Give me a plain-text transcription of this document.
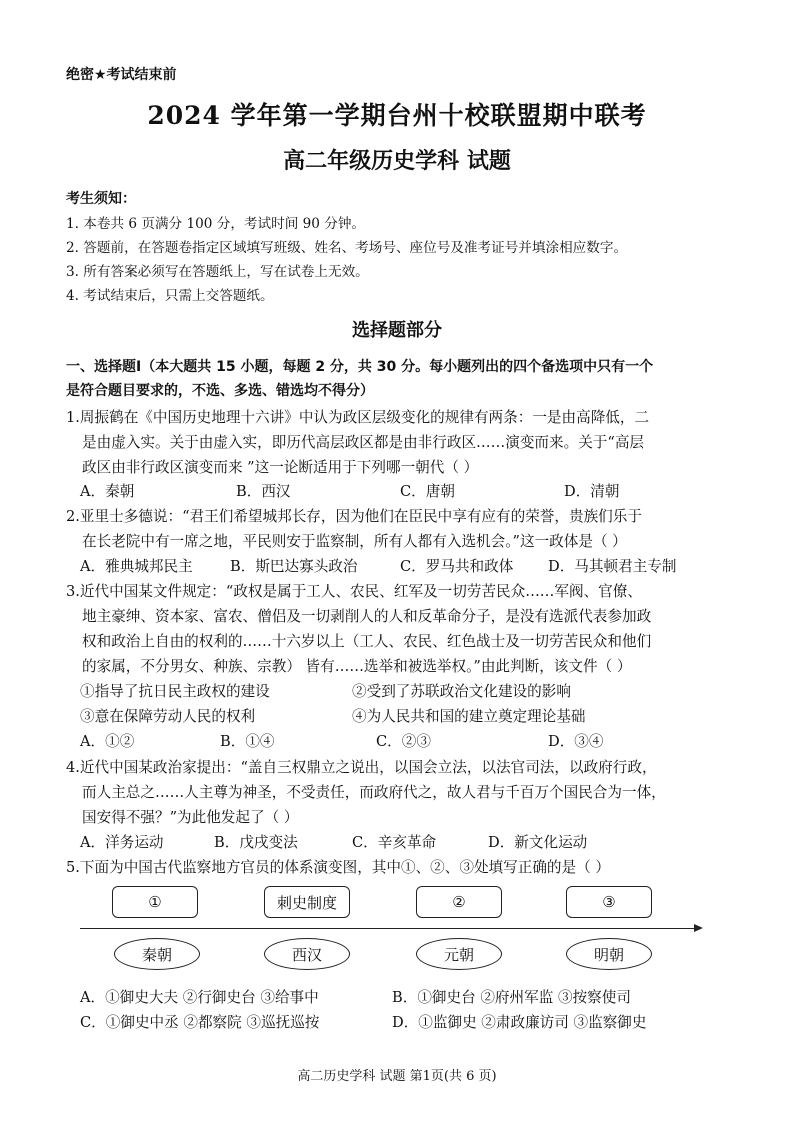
绝密★考试结束前
2024 学年第一学期台州十校联盟期中联考
高二年级历史学科 试题
考生须知：
1. 本卷共 6 页满分 100 分，考试时间 90 分钟。
2. 答题前，在答题卷指定区域填写班级、姓名、考场号、座位号及准考证号并填涂相应数字。
3. 所有答案必须写在答题纸上，写在试卷上无效。
4. 考试结束后，只需上交答题纸。
选择题部分
一、选择题Ⅰ（本大题共 15 小题，每题 2 分，共 30 分。每小题列出的四个备选项中只有一个
是符合题目要求的，不选、多选、错选均不得分）
1.周振鹤在《中国历史地理十六讲》中认为政区层级变化的规律有两条：一是由高降低，二
是由虚入实。关于由虚入实，即历代高层政区都是由非行政区……演变而来。关于“高层
政区由非行政区演变而来 ”这一论断适用于下列哪一朝代（ ）
A．秦朝	B．西汉	C．唐朝	D．清朝
2.亚里士多德说：“君王们希望城邦长存，因为他们在臣民中享有应有的荣誉，贵族们乐于
在长老院中有一席之地，平民则安于监察制，所有人都有入选机会。”这一政体是（ ）
A．雅典城邦民主	B．斯巴达寡头政治	C．罗马共和政体 D．马其顿君主专制
3.近代中国某文件规定：“政权是属于工人、农民、红军及一切劳苦民众……军阀、官僚、
地主豪绅、资本家、富农、僧侣及一切剥削人的人和反革命分子，是没有选派代表参加政
权和政治上自由的权利的……十六岁以上（工人、农民、红色战士及一切劳苦民众和他们
的家属，不分男女、种族、宗教） 皆有……选举和被选举权。”由此判断，该文件（ ）
①指导了抗日民主政权的建设	②受到了苏联政治文化建设的影响
③意在保障劳动人民的权利	④为人民共和国的建立奠定理论基础
A．①②	B．①④	C．②③	D．③④
4.近代中国某政治家提出：“盖自三权鼎立之说出，以国会立法，以法官司法，以政府行政，
而人主总之……人主尊为神圣，不受责任，而政府代之，故人君与千百万个国民合为一体，
国安得不强？”为此他发起了（ ）
A．洋务运动	B．戊戌变法	C．辛亥革命	D．新文化运动
5.下面为中国古代监察地方官员的体系演变图，其中①、②、③处填写正确的是（ ）
①	刺史制度	②	③
秦朝	西汉	元朝	明朝
A．①御史大夫 ②行御史台 ③给事中	B．①御史台 ②府州军监 ③按察使司
C．①御史中丞 ②都察院 ③巡抚巡按	D．①监御史 ②肃政廉访司 ③监察御史
高二历史学科 试题 第1页(共 6 页)
